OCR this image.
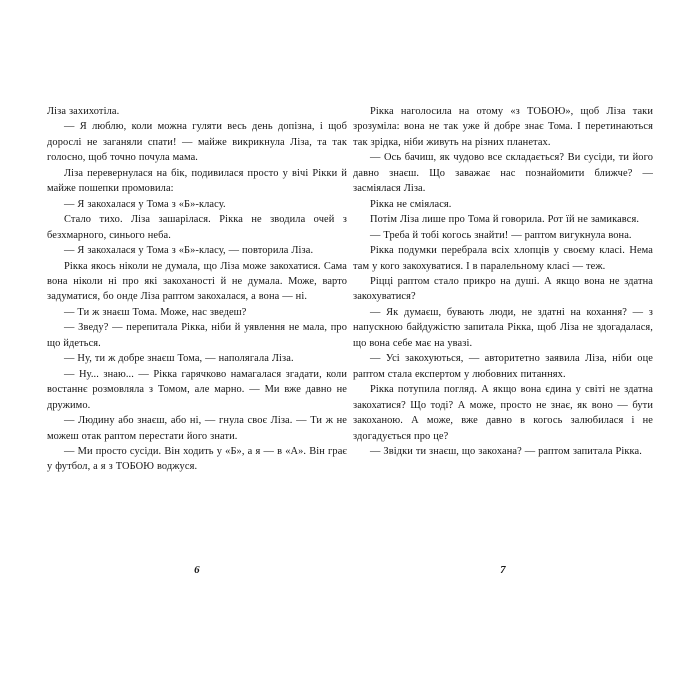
Ліза захихотіла.

— Я люблю, коли можна гуляти весь день допізна, і щоб дорослі не заганяли спати! — майже викрикнула Ліза, та так голосно, щоб точно почула мама.

Ліза перевернулася на бік, подивилася просто у вічі Рікки й майже пошепки промовила:

— Я закохалася у Тома з «Б»-класу.

Стало тихо. Ліза зашарілася. Рікка не зводила очей з безхмарного, синього неба.

— Я закохалася у Тома з «Б»-класу, — повторила Ліза.

Рікка якось ніколи не думала, що Ліза може закохатися. Сама вона ніколи ні про які закоханості й не думала. Може, варто задуматися, бо онде Ліза раптом закохалася, а вона — ні.

— Ти ж знаєш Тома. Може, нас зведеш?

— Зведу? — перепитала Рікка, ніби й уявлення не мала, про що йдеться.

— Ну, ти ж добре знаєш Тома, — наполягала Ліза.

— Ну... знаю... — Рікка гарячково намагалася згадати, коли востаннє розмовляла з Томом, але марно. — Ми вже давно не дружимо.

— Людину або знаєш, або ні, — гнула своє Ліза. — Ти ж не можеш отак раптом перестати його знати.

— Ми просто сусіди. Він ходить у «Б», а я — в «А». Він грає у футбол, а я з ТОБОЮ воджуся.

6

Рікка наголосила на отому «з ТОБОЮ», щоб Ліза таки зрозуміла: вона не так уже й добре знає Тома. І перетинаються так зрідка, ніби живуть на різних планетах.

— Ось бачиш, як чудово все складається? Ви сусіди, ти його давно знаєш. Що заважає нас познайомити ближче? — засміялася Ліза.

Рікка не сміялася.

Потім Ліза лише про Тома й говорила. Рот їй не замикався.

— Треба й тобі когось знайти! — раптом вигукнула вона.

Рікка подумки перебрала всіх хлопців у своєму класі. Нема там у кого закохуватися. І в паралельному класі — теж.

Ріцці раптом стало прикро на душі. А якщо вона не здатна закохуватися?

— Як думаєш, бувають люди, не здатні на кохання? — з напускною байдужістю запитала Рікка, щоб Ліза не здогадалася, що вона себе має на увазі.

— Усі закохуються, — авторитетно заявила Ліза, ніби оце раптом стала експертом у любовних питаннях.

Рікка потупила погляд. А якщо вона єдина у світі не здатна закохатися? Що тоді? А може, просто не знає, як воно — бути закоханою. А може, вже давно в когось залюбилася і не здогадується про це?

— Звідки ти знаєш, що закохана? — раптом запитала Рікка.

7
